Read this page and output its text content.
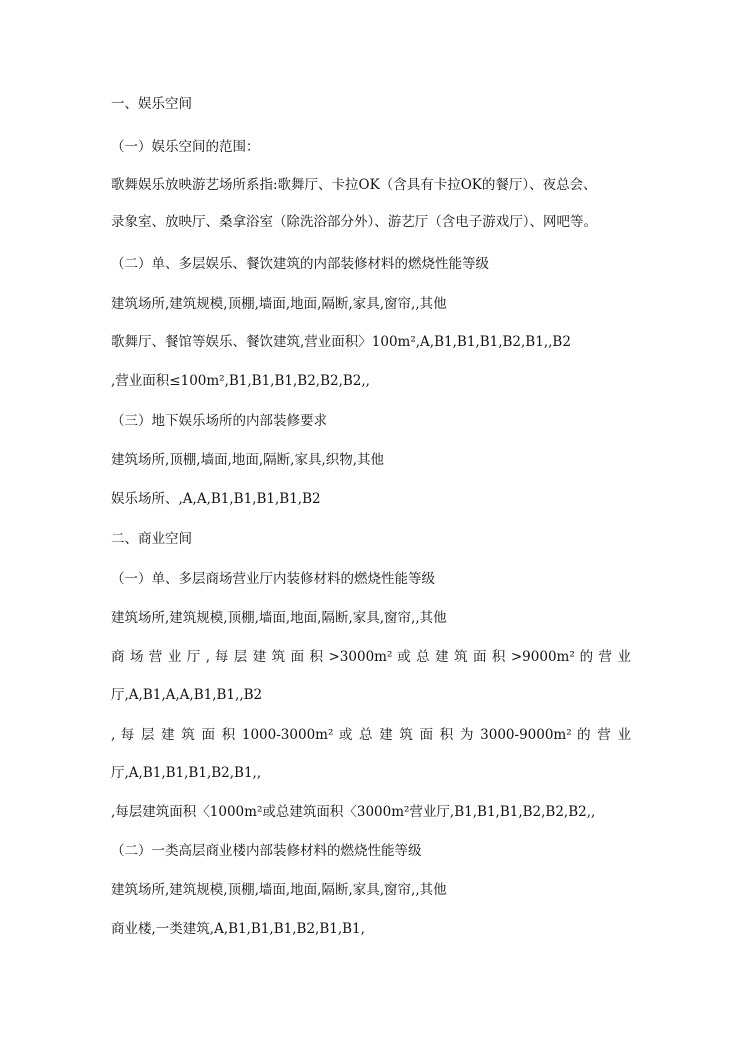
一、娱乐空间
（一）娱乐空间的范围：
歌舞娱乐放映游艺场所系指:歌舞厅、卡拉OK（含具有卡拉OK的餐厅）、夜总会、
录象室、放映厅、桑拿浴室（除洗浴部分外）、游艺厅（含电子游戏厅）、网吧等。
（二）单、多层娱乐、餐饮建筑的内部装修材料的燃烧性能等级
建筑场所,建筑规模,顶棚,墙面,地面,隔断,家具,窗帘,,其他
歌舞厅、餐馆等娱乐、餐饮建筑,营业面积〉100m²,A,B1,B1,B1,B2,B1,,B2
,营业面积≤100m²,B1,B1,B1,B2,B2,B2,,
（三）地下娱乐场所的内部装修要求
建筑场所,顶棚,墙面,地面,隔断,家具,织物,其他
娱乐场所、,A,A,B1,B1,B1,B1,B2
二、商业空间
（一）单、多层商场营业厅内装修材料的燃烧性能等级
建筑场所,建筑规模,顶棚,墙面,地面,隔断,家具,窗帘,,其他
商 场 营 业 厅 , 每 层 建 筑 面 积 >3000m² 或 总 建 筑 面 积 >9000m² 的 营 业
厅,A,B1,A,A,B1,B1,,B2
, 每 层 建 筑 面 积 1000-3000m² 或 总 建 筑 面 积 为 3000-9000m² 的 营 业
厅,A,B1,B1,B1,B2,B1,,
,每层建筑面积〈1000m²或总建筑面积〈3000m²营业厅,B1,B1,B1,B2,B2,B2,,
（二）一类高层商业楼内部装修材料的燃烧性能等级
建筑场所,建筑规模,顶棚,墙面,地面,隔断,家具,窗帘,,其他
商业楼,一类建筑,A,B1,B1,B1,B2,B1,B1,
